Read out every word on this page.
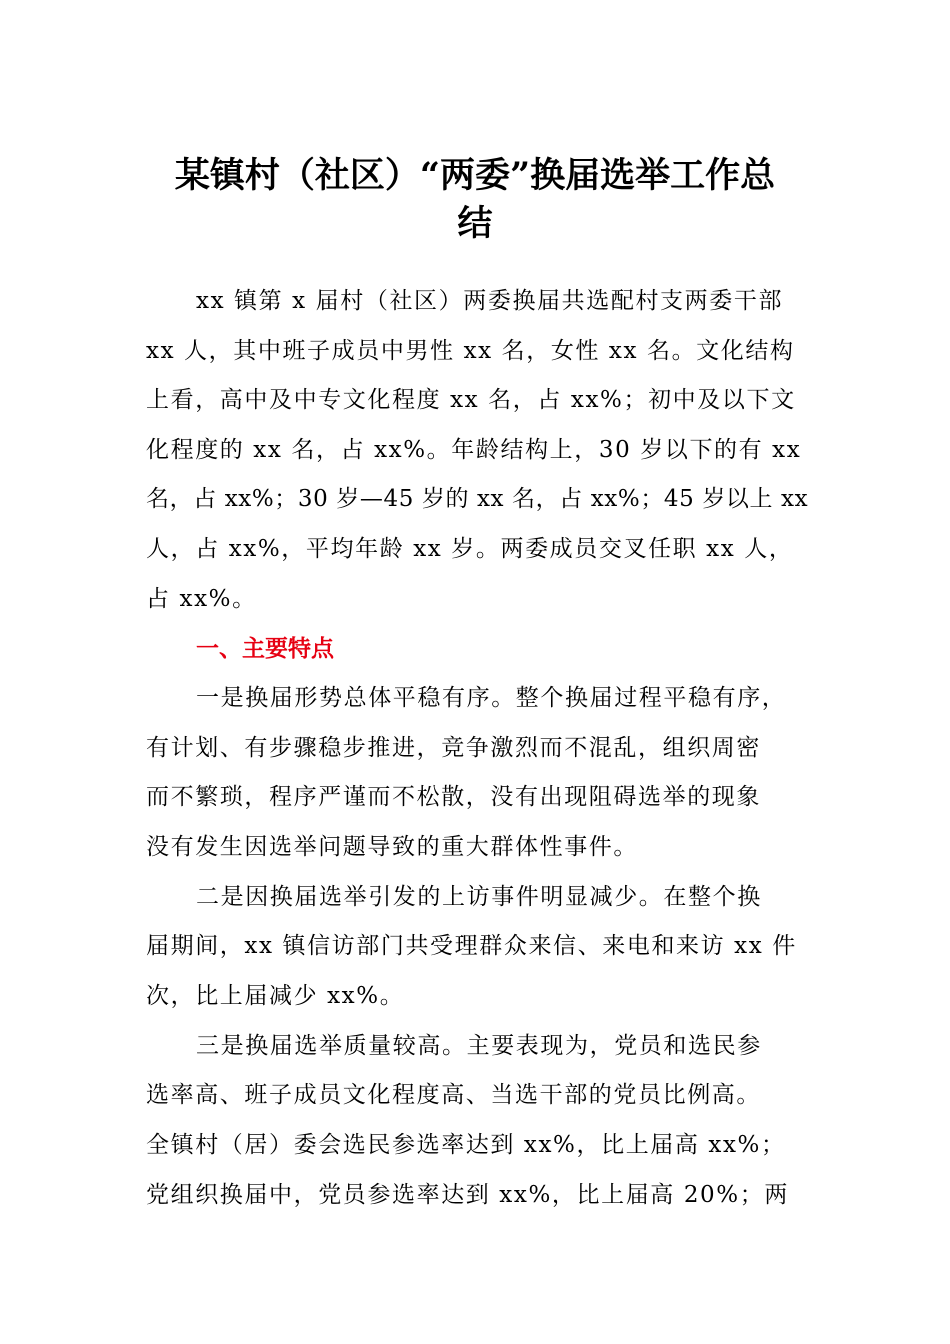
某镇村（社区）“两委”换届选举工作总
结
xx 镇第 x 届村（社区）两委换届共选配村支两委干部
xx 人，其中班子成员中男性 xx 名，女性 xx 名。文化结构
上看，高中及中专文化程度 xx 名，占 xx%；初中及以下文
化程度的 xx 名，占 xx%。年龄结构上，30 岁以下的有 xx
名，占 xx%；30 岁—45 岁的 xx 名，占 xx%；45 岁以上 xx
人，占 xx%，平均年龄 xx 岁。两委成员交叉任职 xx 人，
占 xx%。
一、主要特点
一是换届形势总体平稳有序。整个换届过程平稳有序，
有计划、有步骤稳步推进，竞争激烈而不混乱，组织周密
而不繁琐，程序严谨而不松散，没有出现阻碍选举的现象
没有发生因选举问题导致的重大群体性事件。
二是因换届选举引发的上访事件明显减少。在整个换
届期间，xx 镇信访部门共受理群众来信、来电和来访 xx 件
次，比上届减少 xx%。
三是换届选举质量较高。主要表现为，党员和选民参
选率高、班子成员文化程度高、当选干部的党员比例高。
全镇村（居）委会选民参选率达到 xx%，比上届高 xx%；
党组织换届中，党员参选率达到 xx%，比上届高 20%；两
